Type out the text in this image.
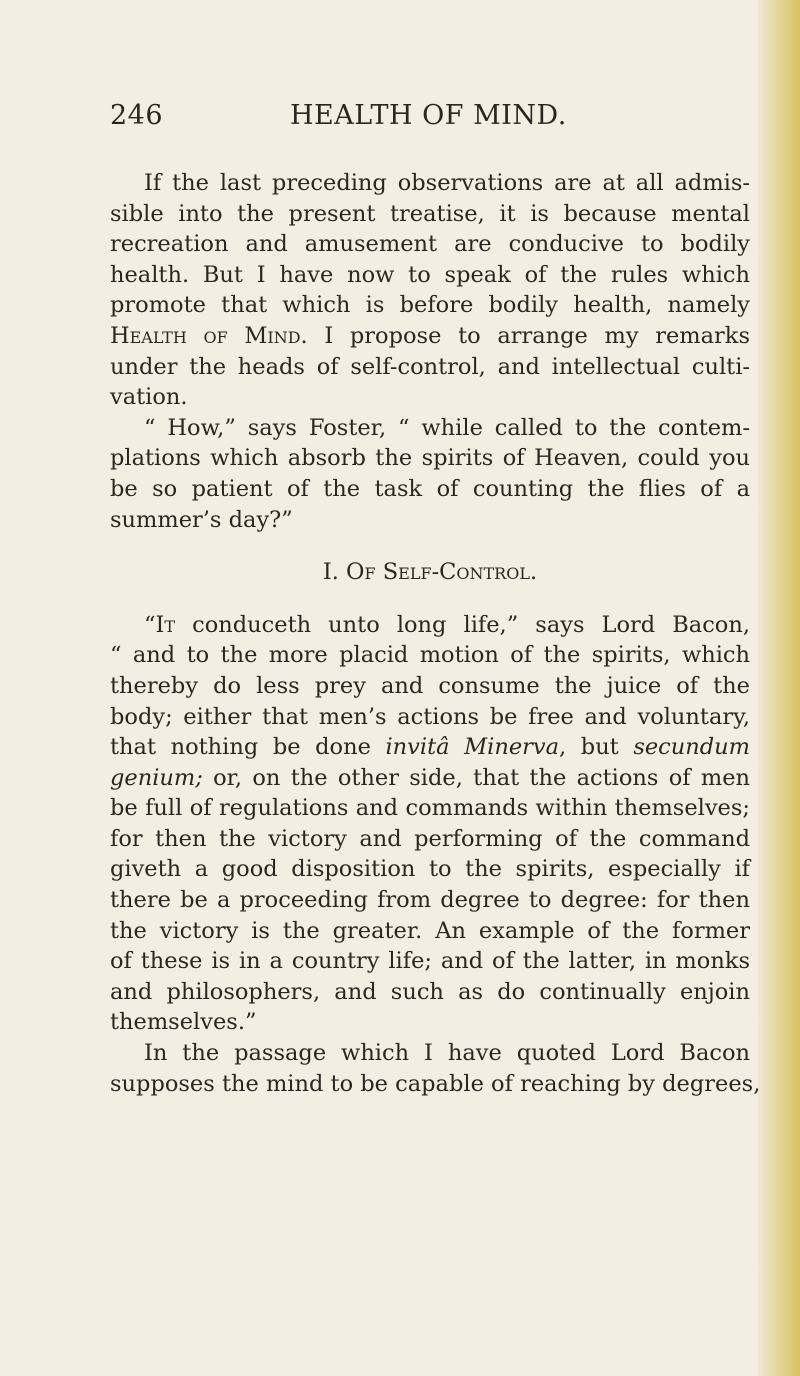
246	HEALTH OF MIND.
If the last preceding observations are at all admis-
sible into the present treatise, it is because mental
recreation and amusement are conducive to bodily
health. But I have now to speak of the rules which
promote that which is before bodily health, namely
Health of Mind. I propose to arrange my remarks
under the heads of self-control, and intellectual culti-
vation.
“ How,” says Foster, “ while called to the contem-
plations which absorb the spirits of Heaven, could you
be so patient of the task of counting the flies of a
summer’s day?”
I. Of Self-Control.
“It conduceth unto long life,” says Lord Bacon,
“ and to the more placid motion of the spirits, which
thereby do less prey and consume the juice of the
body; either that men’s actions be free and voluntary,
that nothing be done invitâ Minerva, but secundum
genium; or, on the other side, that the actions of men
be full of regulations and commands within themselves;
for then the victory and performing of the command
giveth a good disposition to the spirits, especially if
there be a proceeding from degree to degree: for then
the victory is the greater. An example of the former
of these is in a country life; and of the latter, in monks
and philosophers, and such as do continually enjoin
themselves.”
In the passage which I have quoted Lord Bacon
supposes the mind to be capable of reaching by degrees,
